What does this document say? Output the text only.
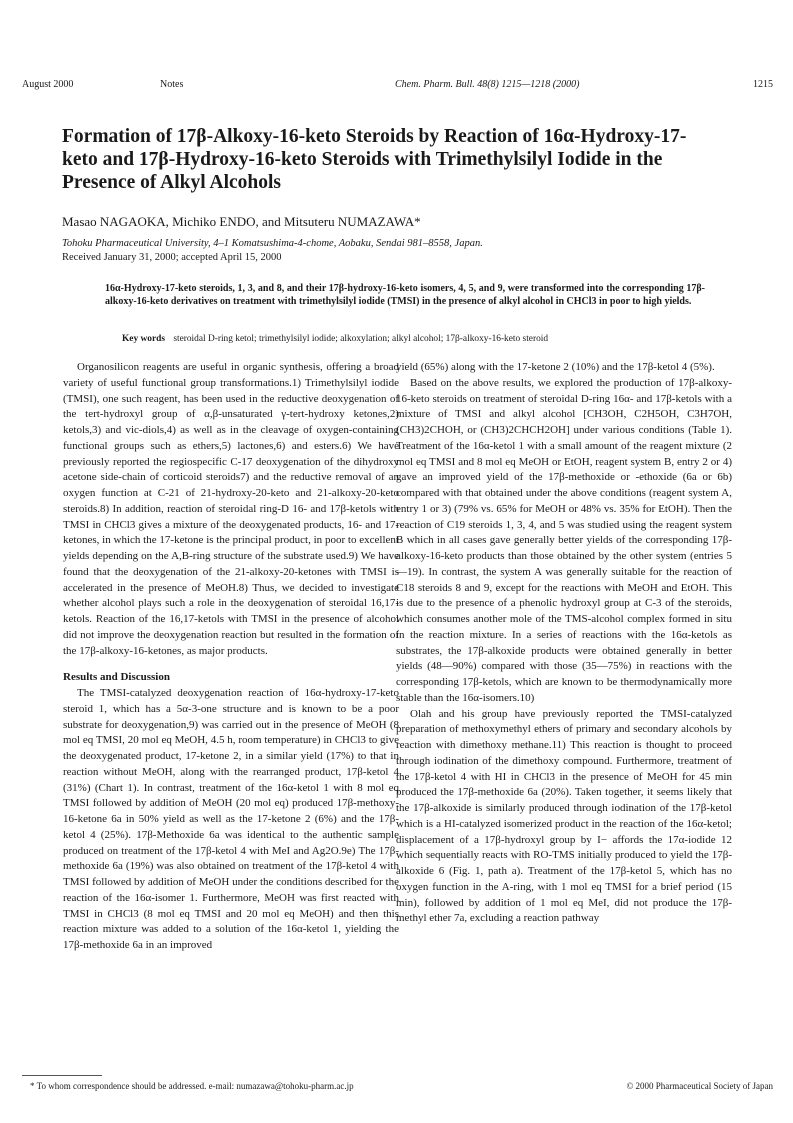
August 2000	Notes	Chem. Pharm. Bull. 48(8) 1215—1218 (2000)	1215
Formation of 17β-Alkoxy-16-keto Steroids by Reaction of 16α-Hydroxy-17-keto and 17β-Hydroxy-16-keto Steroids with Trimethylsilyl Iodide in the Presence of Alkyl Alcohols
Masao NAGAOKA, Michiko ENDO, and Mitsuteru NUMAZAWA*
Tohoku Pharmaceutical University, 4–1 Komatsushima-4-chome, Aobaku, Sendai 981–8558, Japan.
Received January 31, 2000; accepted April 15, 2000

16α-Hydroxy-17-keto steroids, 1, 3, and 8, and their 17β-hydroxy-16-keto isomers, 4, 5, and 9, were transformed into the corresponding 17β-alkoxy-16-keto derivatives on treatment with trimethylsilyl iodide (TMSI) in the presence of alkyl alcohol in CHCl3 in poor to high yields.

Key words steroidal D-ring ketol; trimethylsilyl iodide; alkoxylation; alkyl alcohol; 17β-alkoxy-16-keto steroid

Organosilicon reagents are useful in organic synthesis, offering a broad variety of useful functional group transformations.1) Trimethylsilyl iodide (TMSI), one such reagent, has been used in the reductive deoxygenation of the tert-hydroxyl group of α,β-unsaturated γ-tert-hydroxy ketones,2) ketols,3) and vic-diols,4) as well as in the cleavage of oxygen-containing functional groups such as ethers,5) lactones,6) and esters.6) We have previously reported the regiospecific C-17 deoxygenation of the dihydroxy acetone side-chain of corticoid steroids7) and the reductive removal of an oxygen function at C-21 of 21-hydroxy-20-keto and 21-alkoxy-20-keto steroids.8) In addition, reaction of steroidal ring-D 16- and 17β-ketols with TMSI in CHCl3 gives a mixture of the deoxygenated products, 16- and 17-ketones, in which the 17-ketone is the principal product, in poor to excellent yields depending on the A,B-ring structure of the substrate used.9) We have found that the deoxygenation of the 21-alkoxy-20-ketones with TMSI is accelerated in the presence of MeOH.8) Thus, we decided to investigate whether alcohol plays such a role in the deoxygenation of steroidal 16,17-ketols. Reaction of the 16,17-ketols with TMSI in the presence of alcohol did not improve the deoxygenation reaction but resulted in the formation of the 17β-alkoxy-16-ketones, as major products.

Results and Discussion

The TMSI-catalyzed deoxygenation reaction of 16α-hydroxy-17-keto steroid 1, which has a 5α-3-one structure and is known to be a poor substrate for deoxygenation,9) was carried out in the presence of MeOH (8 mol eq TMSI, 20 mol eq MeOH, 4.5 h, room temperature) in CHCl3 to give the deoxygenated product, 17-ketone 2, in a similar yield (17%) to that in reaction without MeOH, along with the rearranged product, 17β-ketol 4 (31%) (Chart 1). In contrast, treatment of the 16α-ketol 1 with 8 mol eq TMSI followed by addition of MeOH (20 mol eq) produced 17β-methoxy-16-ketone 6a in 50% yield as well as the 17-ketone 2 (6%) and the 17β-ketol 4 (25%). 17β-Methoxide 6a was identical to the authentic sample produced on treatment of the 17β-ketol 4 with MeI and Ag2O.9e) The 17β-methoxide 6a (19%) was also obtained on treatment of the 17β-ketol 4 with TMSI followed by addition of MeOH under the conditions described for the reaction of the 16α-isomer 1. Furthermore, MeOH was first reacted with TMSI in CHCl3 (8 mol eq TMSI and 20 mol eq MeOH) and then this reaction mixture was added to a solution of the 16α-ketol 1, yielding the 17β-methoxide 6a in an improved

yield (65%) along with the 17-ketone 2 (10%) and the 17β-ketol 4 (5%).

Based on the above results, we explored the production of 17β-alkoxy-16-keto steroids on treatment of steroidal D-ring 16α- and 17β-ketols with a mixture of TMSI and alkyl alcohol [CH3OH, C2H5OH, C3H7OH, (CH3)2CHOH, or (CH3)2CHCH2OH] under various conditions (Table 1). Treatment of the 16α-ketol 1 with a small amount of the reagent mixture (2 mol eq TMSI and 8 mol eq MeOH or EtOH, reagent system B, entry 2 or 4) gave an improved yield of the 17β-methoxide or -ethoxide (6a or 6b) compared with that obtained under the above conditions (reagent system A, entry 1 or 3) (79% vs. 65% for MeOH or 48% vs. 35% for EtOH). Then the reaction of C19 steroids 1, 3, 4, and 5 was studied using the reagent system B which in all cases gave generally better yields of the corresponding 17β-alkoxy-16-keto products than those obtained by the other system (entries 5—19). In contrast, the system A was generally suitable for the reaction of C18 steroids 8 and 9, except for the reactions with MeOH and EtOH. This is due to the presence of a phenolic hydroxyl group at C-3 of the steroids, which consumes another mole of the TMS-alcohol complex formed in situ in the reaction mixture. In a series of reactions with the 16α-ketols as substrates, the 17β-alkoxide products were obtained generally in better yields (48—90%) compared with those (35—75%) in reactions with the corresponding 17β-ketols, which are known to be thermodynamically more stable than the 16α-isomers.10)

Olah and his group have previously reported the TMSI-catalyzed preparation of methoxymethyl ethers of primary and secondary alcohols by reaction with dimethoxy methane.11) This reaction is thought to proceed through iodination of the dimethoxy compound. Furthermore, treatment of the 17β-ketol 4 with HI in CHCl3 in the presence of MeOH for 45 min produced the 17β-methoxide 6a (20%). Taken together, it seems likely that the 17β-alkoxide is similarly produced through iodination of the 17β-ketol which is a HI-catalyzed isomerized product in the reaction of the 16α-ketol; displacement of a 17β-hydroxyl group by I− affords the 17α-iodide 12 which sequentially reacts with RO-TMS initially produced to yield the 17β-alkoxide 6 (Fig. 1, path a). Treatment of the 17β-ketol 5, which has no oxygen function in the A-ring, with 1 mol eq TMSI for a brief period (15 min), followed by addition of 1 mol eq MeI, did not produce the 17β-methyl ether 7a, excluding a reaction pathway

* To whom correspondence should be addressed. e-mail: numazawa@tohoku-pharm.ac.jp	© 2000 Pharmaceutical Society of Japan
